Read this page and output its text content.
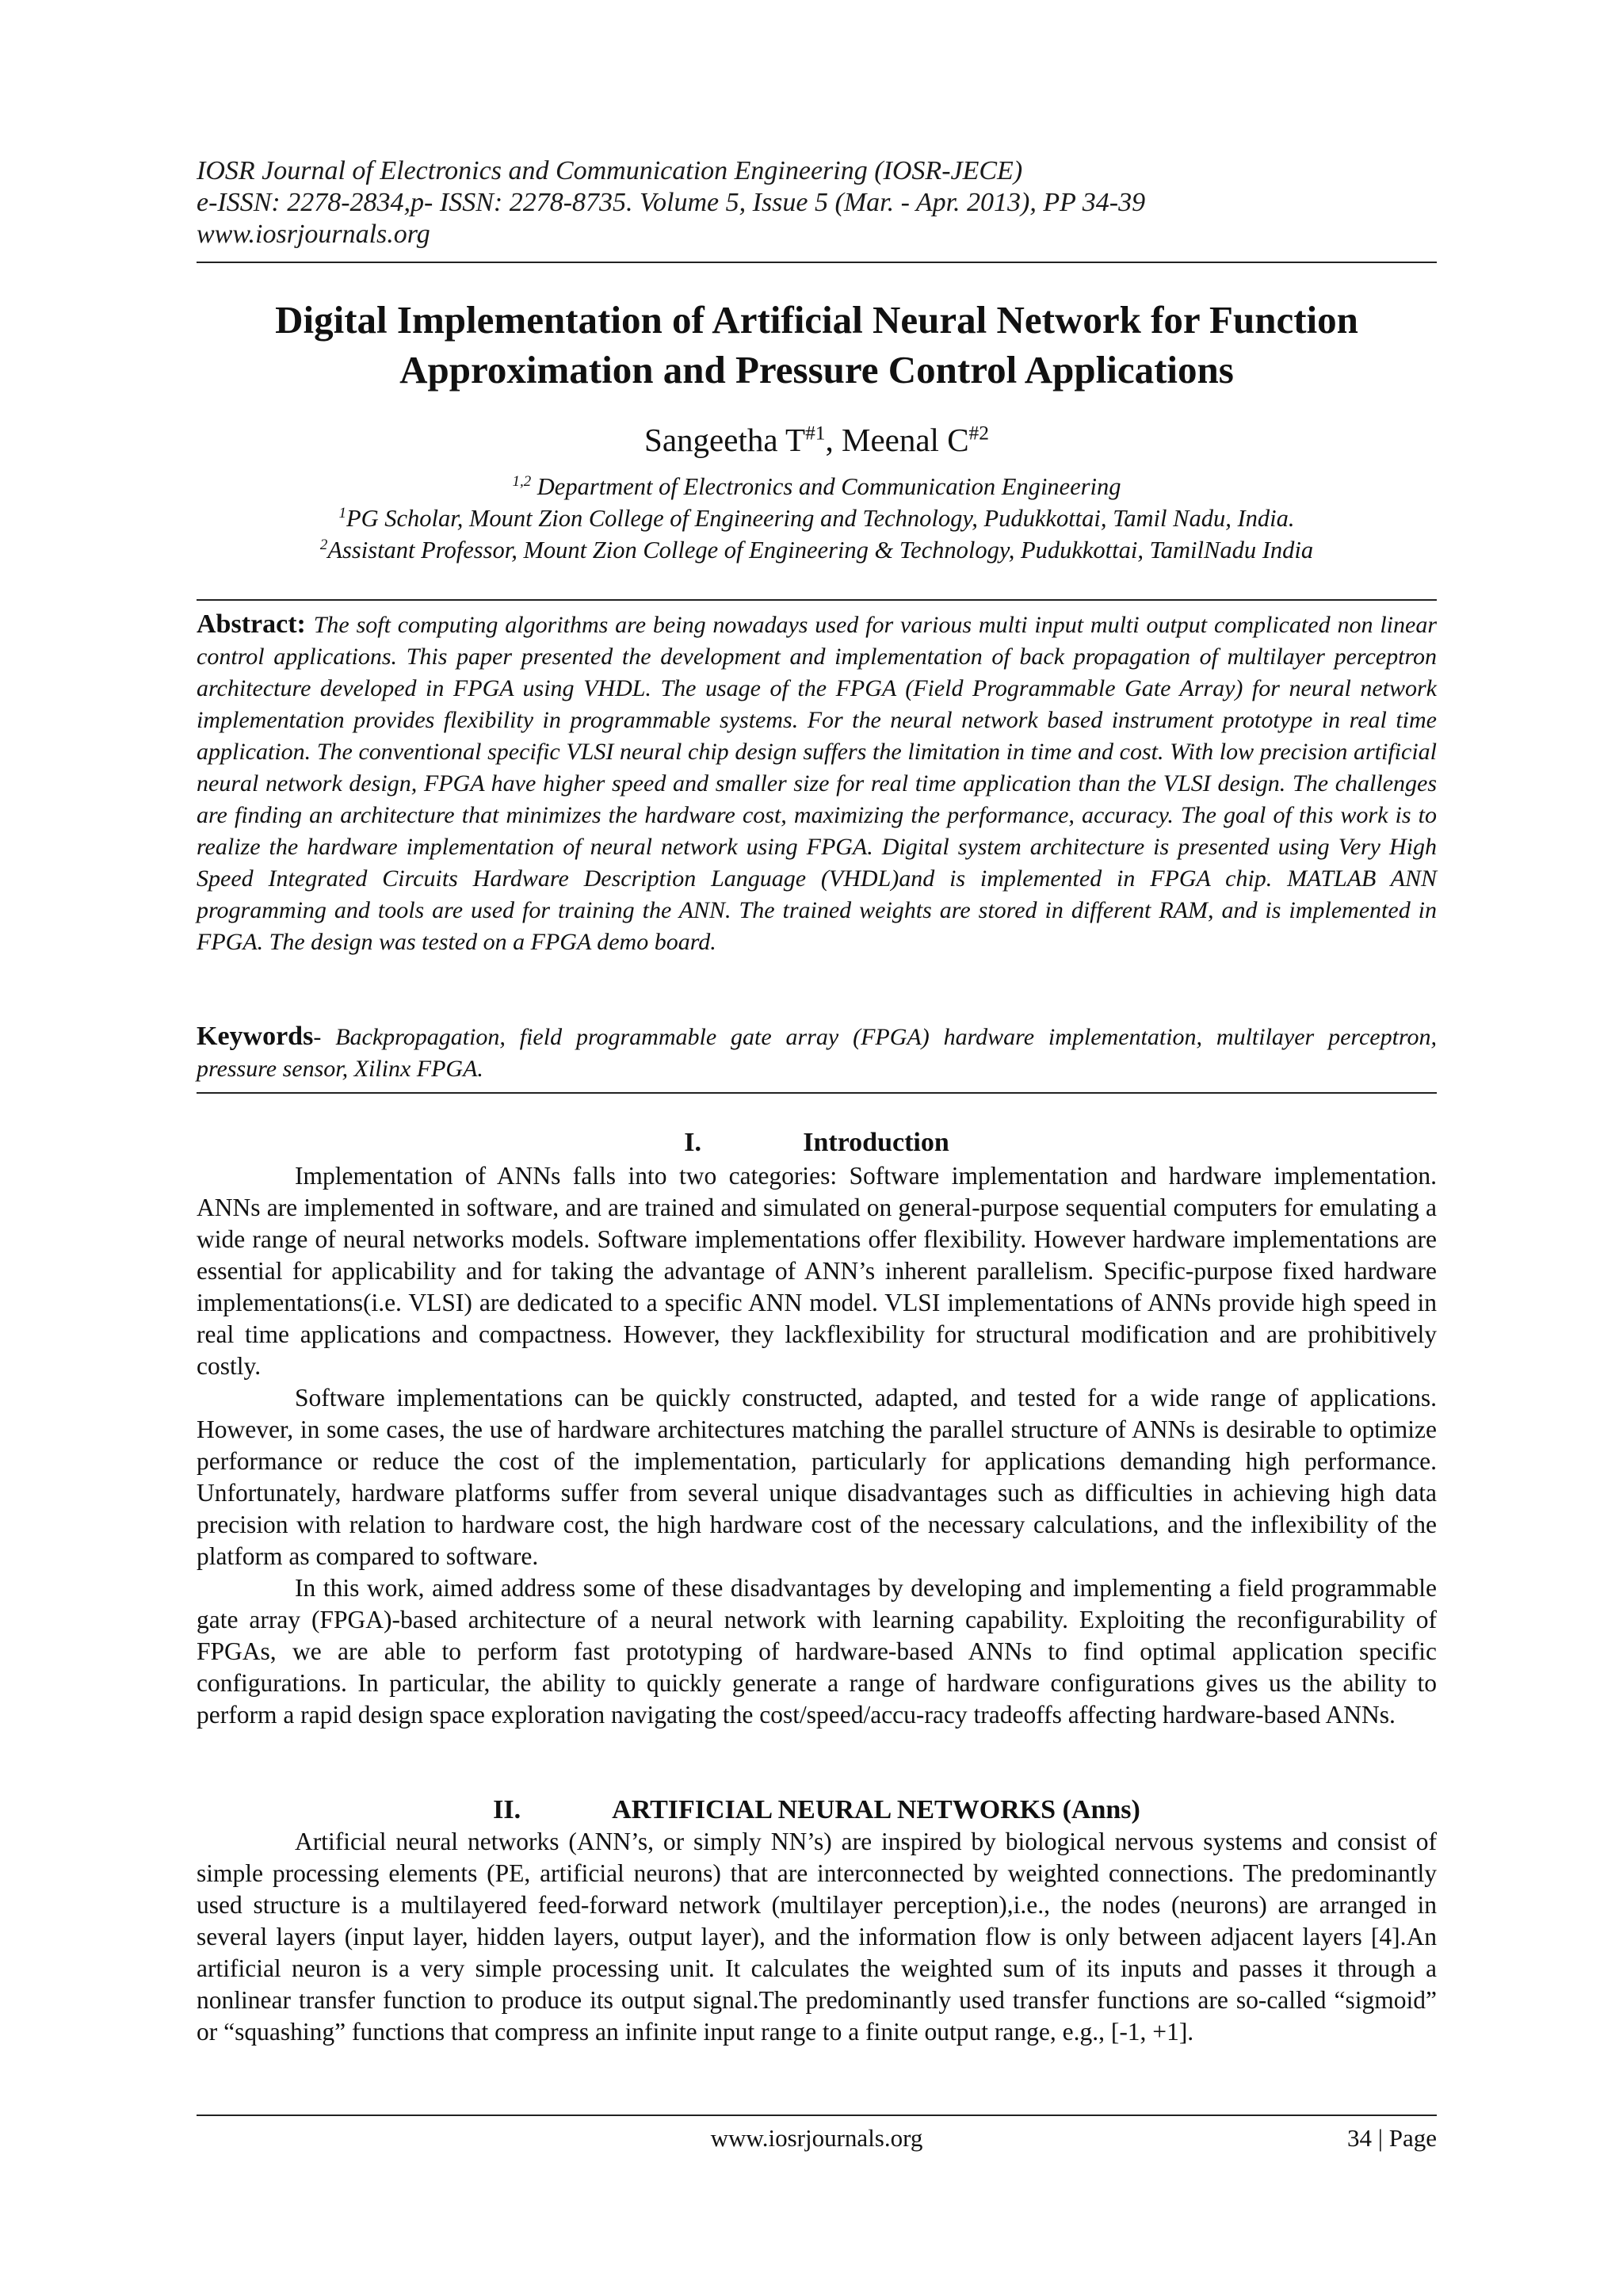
IOSR Journal of Electronics and Communication Engineering (IOSR-JECE)
e-ISSN: 2278-2834,p- ISSN: 2278-8735. Volume 5, Issue 5 (Mar. - Apr. 2013), PP 34-39
www.iosrjournals.org
Digital Implementation of Artificial Neural Network for Function
Approximation and Pressure Control Applications
Sangeetha $T^{\#1}$, Meenal $C^{\#2}$
$^{1,2}$ Department of Electronics and Communication Engineering
$^1$PG Scholar, Mount Zion College of Engineering and Technology, Pudukkottai, Tamil Nadu, India.
$^2$Assistant Professor, Mount Zion College of Engineering & Technology, Pudukkottai, TamilNadu India
Abstract: The soft computing algorithms are being nowadays used for various multi input multi output complicated non linear control applications. This paper presented the development and implementation of back propagation of multilayer perceptron architecture developed in FPGA using VHDL. The usage of the FPGA (Field Programmable Gate Array) for neural network implementation provides flexibility in programmable systems. For the neural network based instrument prototype in real time application. The conventional specific VLSI neural chip design suffers the limitation in time and cost. With low precision artificial neural network design, FPGA have higher speed and smaller size for real time application than the VLSI design. The challenges are finding an architecture that minimizes the hardware cost, maximizing the performance, accuracy. The goal of this work is to realize the hardware implementation of neural network using FPGA. Digital system architecture is presented using Very High Speed Integrated Circuits Hardware Description Language (VHDL)and is implemented in FPGA chip. MATLAB ANN programming and tools are used for training the ANN. The trained weights are stored in different RAM, and is implemented in FPGA. The design was tested on a FPGA demo board.
Keywords- Backpropagation, field programmable gate array (FPGA) hardware implementation, multilayer perceptron, pressure sensor, Xilinx FPGA.
I.	Introduction

Implementation of ANNs falls into two categories: Software implementation and hardware implementation. ANNs are implemented in software, and are trained and simulated on general-purpose sequential computers for emulating a wide range of neural networks models. Software implementations offer flexibility. However hardware implementations are essential for applicability and for taking the advantage of ANN’s inherent parallelism. Specific-purpose fixed hardware implementations(i.e. VLSI) are dedicated to a specific ANN model. VLSI implementations of ANNs provide high speed in real time applications and compactness. However, they lackflexibility for structural modification and are prohibitively costly.

Software implementations can be quickly constructed, adapted, and tested for a wide range of applications. However, in some cases, the use of hardware architectures matching the parallel structure of ANNs is desirable to optimize performance or reduce the cost of the implementation, particularly for applications demanding high performance. Unfortunately, hardware platforms suffer from several unique disadvantages such as difficulties in achieving high data precision with relation to hardware cost, the high hardware cost of the necessary calculations, and the inflexibility of the platform as compared to software.

In this work, aimed address some of these disadvantages by developing and implementing a field programmable gate array (FPGA)-based architecture of a neural network with learning capability. Exploiting the reconfigurability of FPGAs, we are able to perform fast prototyping of hardware-based ANNs to find optimal application specific configurations. In particular, the ability to quickly generate a range of hardware configurations gives us the ability to perform a rapid design space exploration navigating the cost/speed/accu-racy tradeoffs affecting hardware-based ANNs.

II.	ARTIFICIAL NEURAL NETWORKS (Anns)

Artificial neural networks (ANN’s, or simply NN’s) are inspired by biological nervous systems and consist of simple processing elements (PE, artificial neurons) that are interconnected by weighted connections. The predominantly used structure is a multilayered feed-forward network (multilayer perception),i.e., the nodes (neurons) are arranged in several layers (input layer, hidden layers, output layer), and the information flow is only between adjacent layers [4].An artificial neuron is a very simple processing unit. It calculates the weighted sum of its inputs and passes it through a nonlinear transfer function to produce its output signal.The predominantly used transfer functions are so-called “sigmoid” or “squashing” functions that compress an infinite input range to a finite output range, e.g., [-1, +1].

www.iosrjournals.org	34 | Page
